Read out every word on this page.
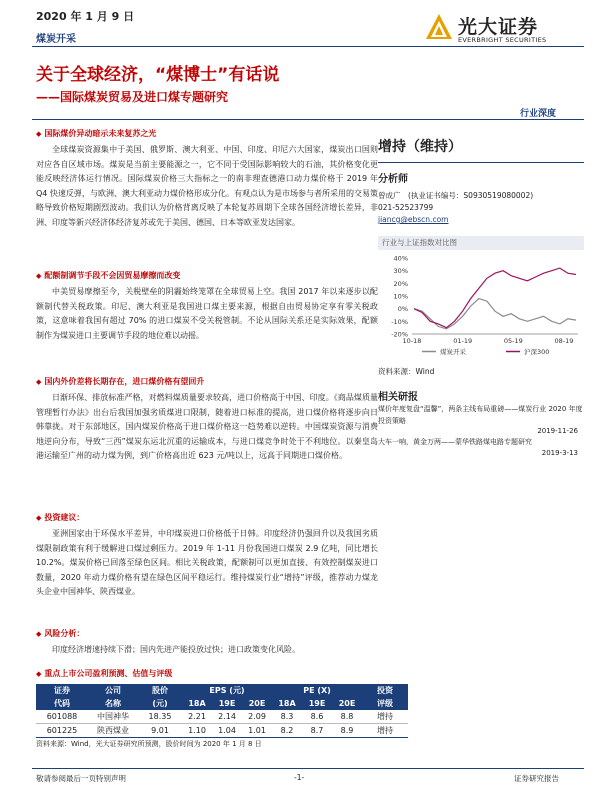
2020 年 1 月 9 日
煤炭开采
光大证券
EVERBRIGHT SECURITIES
关于全球经济，“煤博士”有话说
——国际煤炭贸易及进口煤专题研究
行业深度
◆ 国际煤价异动暗示未来复苏之光
全球煤炭资源集中于美国、俄罗斯、澳大利亚、中国、印度、印尼六大国家，煤炭出口国则对应各自区域市场。煤炭是当前主要能源之一，它不同于受国际影响较大的石油，其价格变化更能反映经济体运行情况。国际煤炭价格三大指标之一的南非理查德港口动力煤价格于 2019 年 Q4 快速反弹，与欧洲、澳大利亚动力煤价格形成分化。有观点认为是市场参与者所采用的交易策略导致价格短期剧烈波动。我们认为价格背离反映了本轮复苏周期下全球各国经济增长差异，非洲、印度等新兴经济体经济复苏或先于美国、德国、日本等欧亚发达国家。
◆ 配额制调节手段不会因贸易摩擦而改变
中美贸易摩擦至今，关税壁垒的阴霾始终笼罩在全球贸易上空。我国 2017 年以来逐步以配额制代替关税政策。印尼、澳大利亚是我国进口煤主要来源，根据自由贸易协定享有零关税政策，这意味着我国有超过 70% 的进口煤炭不受关税管制。不论从国际关系还是实际效果，配额制作为煤炭进口主要调节手段的地位难以动摇。
◆ 国内外价差将长期存在，进口煤价格有望回升
日渐环保、排放标准严格，对燃料煤质量要求较高，进口价格高于中国、印度。《商品煤质量管理暂行办法》出台后我国加强劣质煤进口限制，随着进口标准的提高，进口煤价格将逐步向日韩靠拢。对于东部地区，国内煤炭价格高于进口煤价格这一趋势难以逆转。中国煤炭资源与消费地逆向分布，导致“三西”煤炭东运北沉重的运输成本，与进口煤竞争时处于不利地位。以秦皇岛港运输至广州的动力煤为例，到广价格高出近 623 元/吨以上，远高于同期进口煤价格。
◆ 投资建议：
亚洲国家由于环保水平差异，中印煤炭进口价格低于日韩。印度经济仍强回升以及我国劣质煤限制政策有利于缓解进口煤过剩压力。2019 年 1-11 月份我国进口煤炭 2.9 亿吨，同比增长 10.2%。煤炭价格已回落至绿色区间。相比关税政策，配额制可以更加直接、有效控制煤炭进口数量，2020 年动力煤价格有望在绿色区间平稳运行。维持煤炭行业“增持”评级，推荐动力煤龙头企业中国神华、陕西煤业。
◆ 风险分析：
印度经济增速持续下滑；国内先进产能投放过快；进口政策变化风险。
增持（维持）
分析师
曾成广　(执业证书编号：S0930519080002)
021-52523799
jiancg@ebscn.com
行业与上证指数对比图
40%
30%
20%
10%
0%
-10%
-20%
10-18	01-19	05-19	08-19
煤炭开采	沪深300
资料来源：Wind
相关研报
煤价年度复盘“温馨”，两条主线布局重磅——煤炭行业 2020 年度投资策略
2019-11-26
大车一响，黄金万两——蒙华铁路煤电路专题研究
2019-3-13
◆ 重点上市公司盈利预测、估值与评级
证券	公司	股价	EPS (元)			PE (X)			投资
代码	名称	(元)	18A	19E	20E	18A	19E	20E	评级
601088	中国神华	18.35	2.21	2.14	2.09	8.3	8.6	8.8	增持
601225	陕西煤业	9.01	1.10	1.04	1.01	8.2	8.7	8.9	增持
资料来源：Wind，光大证券研究所预测，股价时间为 2020 年 1 月 8 日
敬请参阅最后一页特别声明	-1-	证券研究报告
